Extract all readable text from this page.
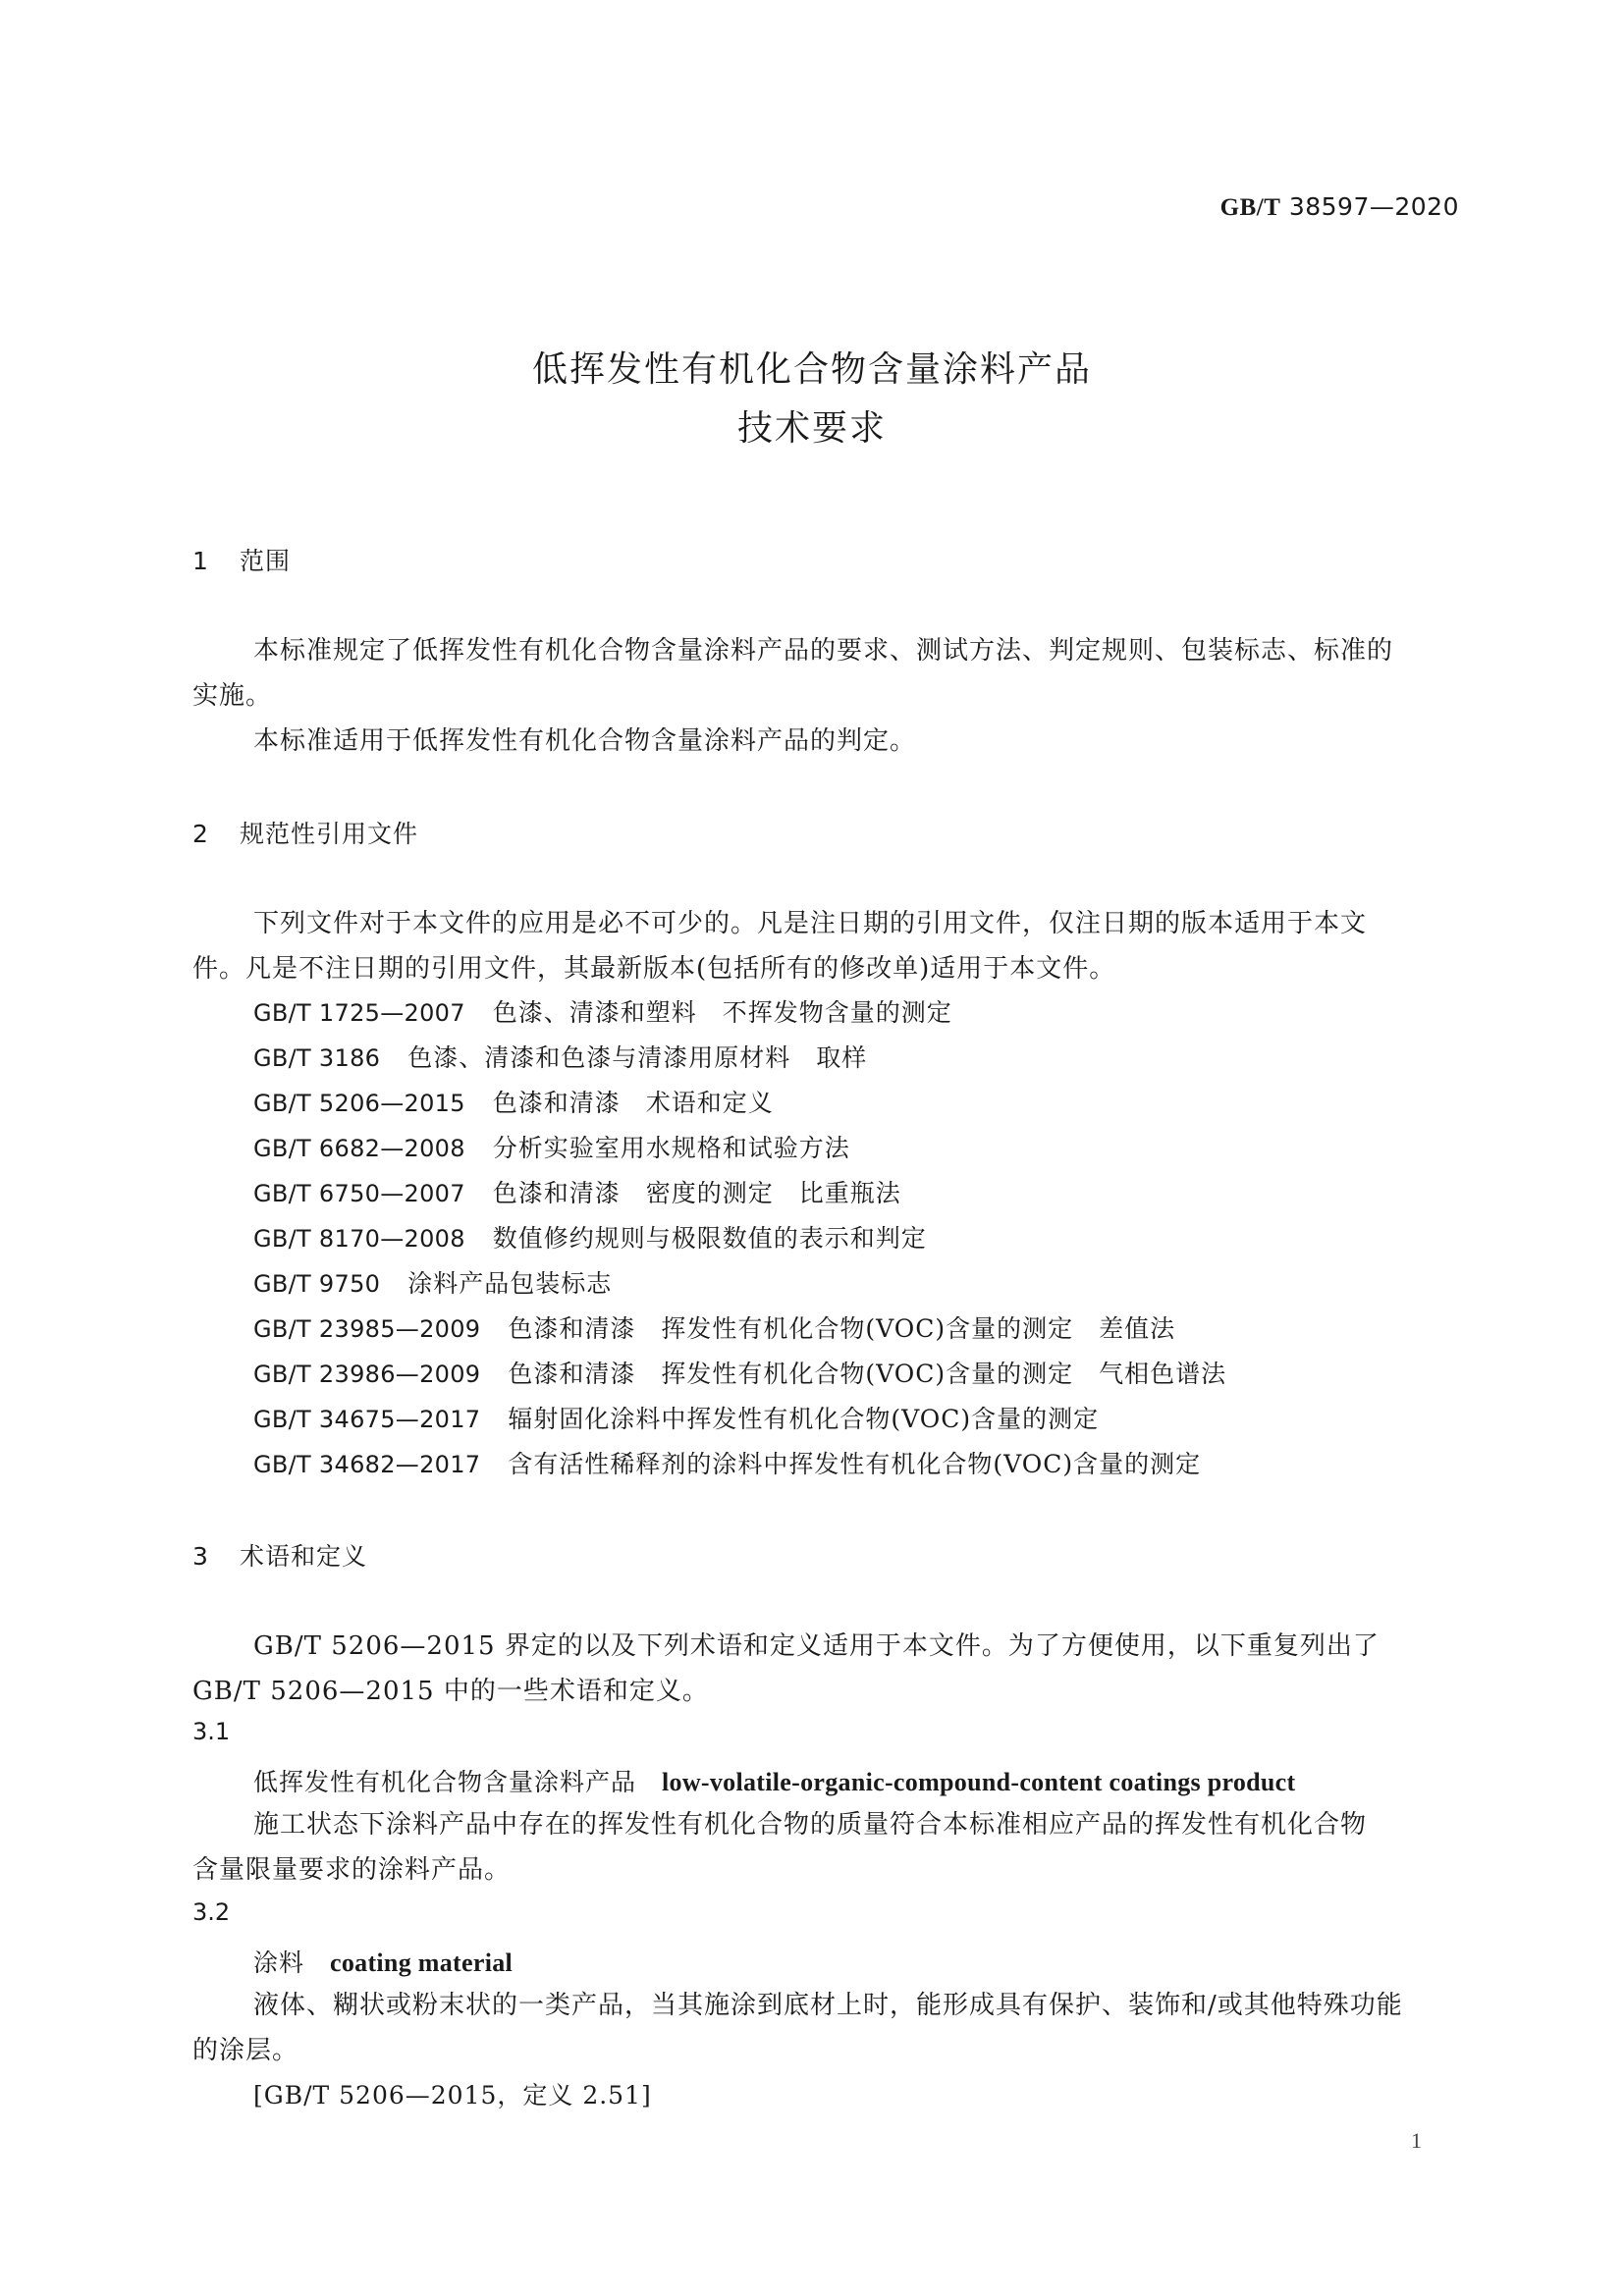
GB/T 38597—2020
低挥发性有机化合物含量涂料产品
技术要求
1 范围
本标准规定了低挥发性有机化合物含量涂料产品的要求、测试方法、判定规则、包装标志、标准的
实施。
本标准适用于低挥发性有机化合物含量涂料产品的判定。
2 规范性引用文件
下列文件对于本文件的应用是必不可少的。凡是注日期的引用文件，仅注日期的版本适用于本文
件。凡是不注日期的引用文件，其最新版本(包括所有的修改单)适用于本文件。
GB/T 1725—2007 色漆、清漆和塑料　不挥发物含量的测定
GB/T 3186 色漆、清漆和色漆与清漆用原材料　取样
GB/T 5206—2015 色漆和清漆　术语和定义
GB/T 6682—2008 分析实验室用水规格和试验方法
GB/T 6750—2007 色漆和清漆　密度的测定　比重瓶法
GB/T 8170—2008 数值修约规则与极限数值的表示和判定
GB/T 9750 涂料产品包装标志
GB/T 23985—2009 色漆和清漆　挥发性有机化合物(VOC)含量的测定　差值法
GB/T 23986—2009 色漆和清漆　挥发性有机化合物(VOC)含量的测定　气相色谱法
GB/T 34675—2017 辐射固化涂料中挥发性有机化合物(VOC)含量的测定
GB/T 34682—2017 含有活性稀释剂的涂料中挥发性有机化合物(VOC)含量的测定
3 术语和定义
GB/T 5206—2015 界定的以及下列术语和定义适用于本文件。为了方便使用，以下重复列出了
GB/T 5206—2015 中的一些术语和定义。
3.1
低挥发性有机化合物含量涂料产品 low-volatile-organic-compound-content coatings product
施工状态下涂料产品中存在的挥发性有机化合物的质量符合本标准相应产品的挥发性有机化合物
含量限量要求的涂料产品。
3.2
涂料 coating material
液体、糊状或粉末状的一类产品，当其施涂到底材上时，能形成具有保护、装饰和/或其他特殊功能
的涂层。
[GB/T 5206—2015，定义 2.51]
1
